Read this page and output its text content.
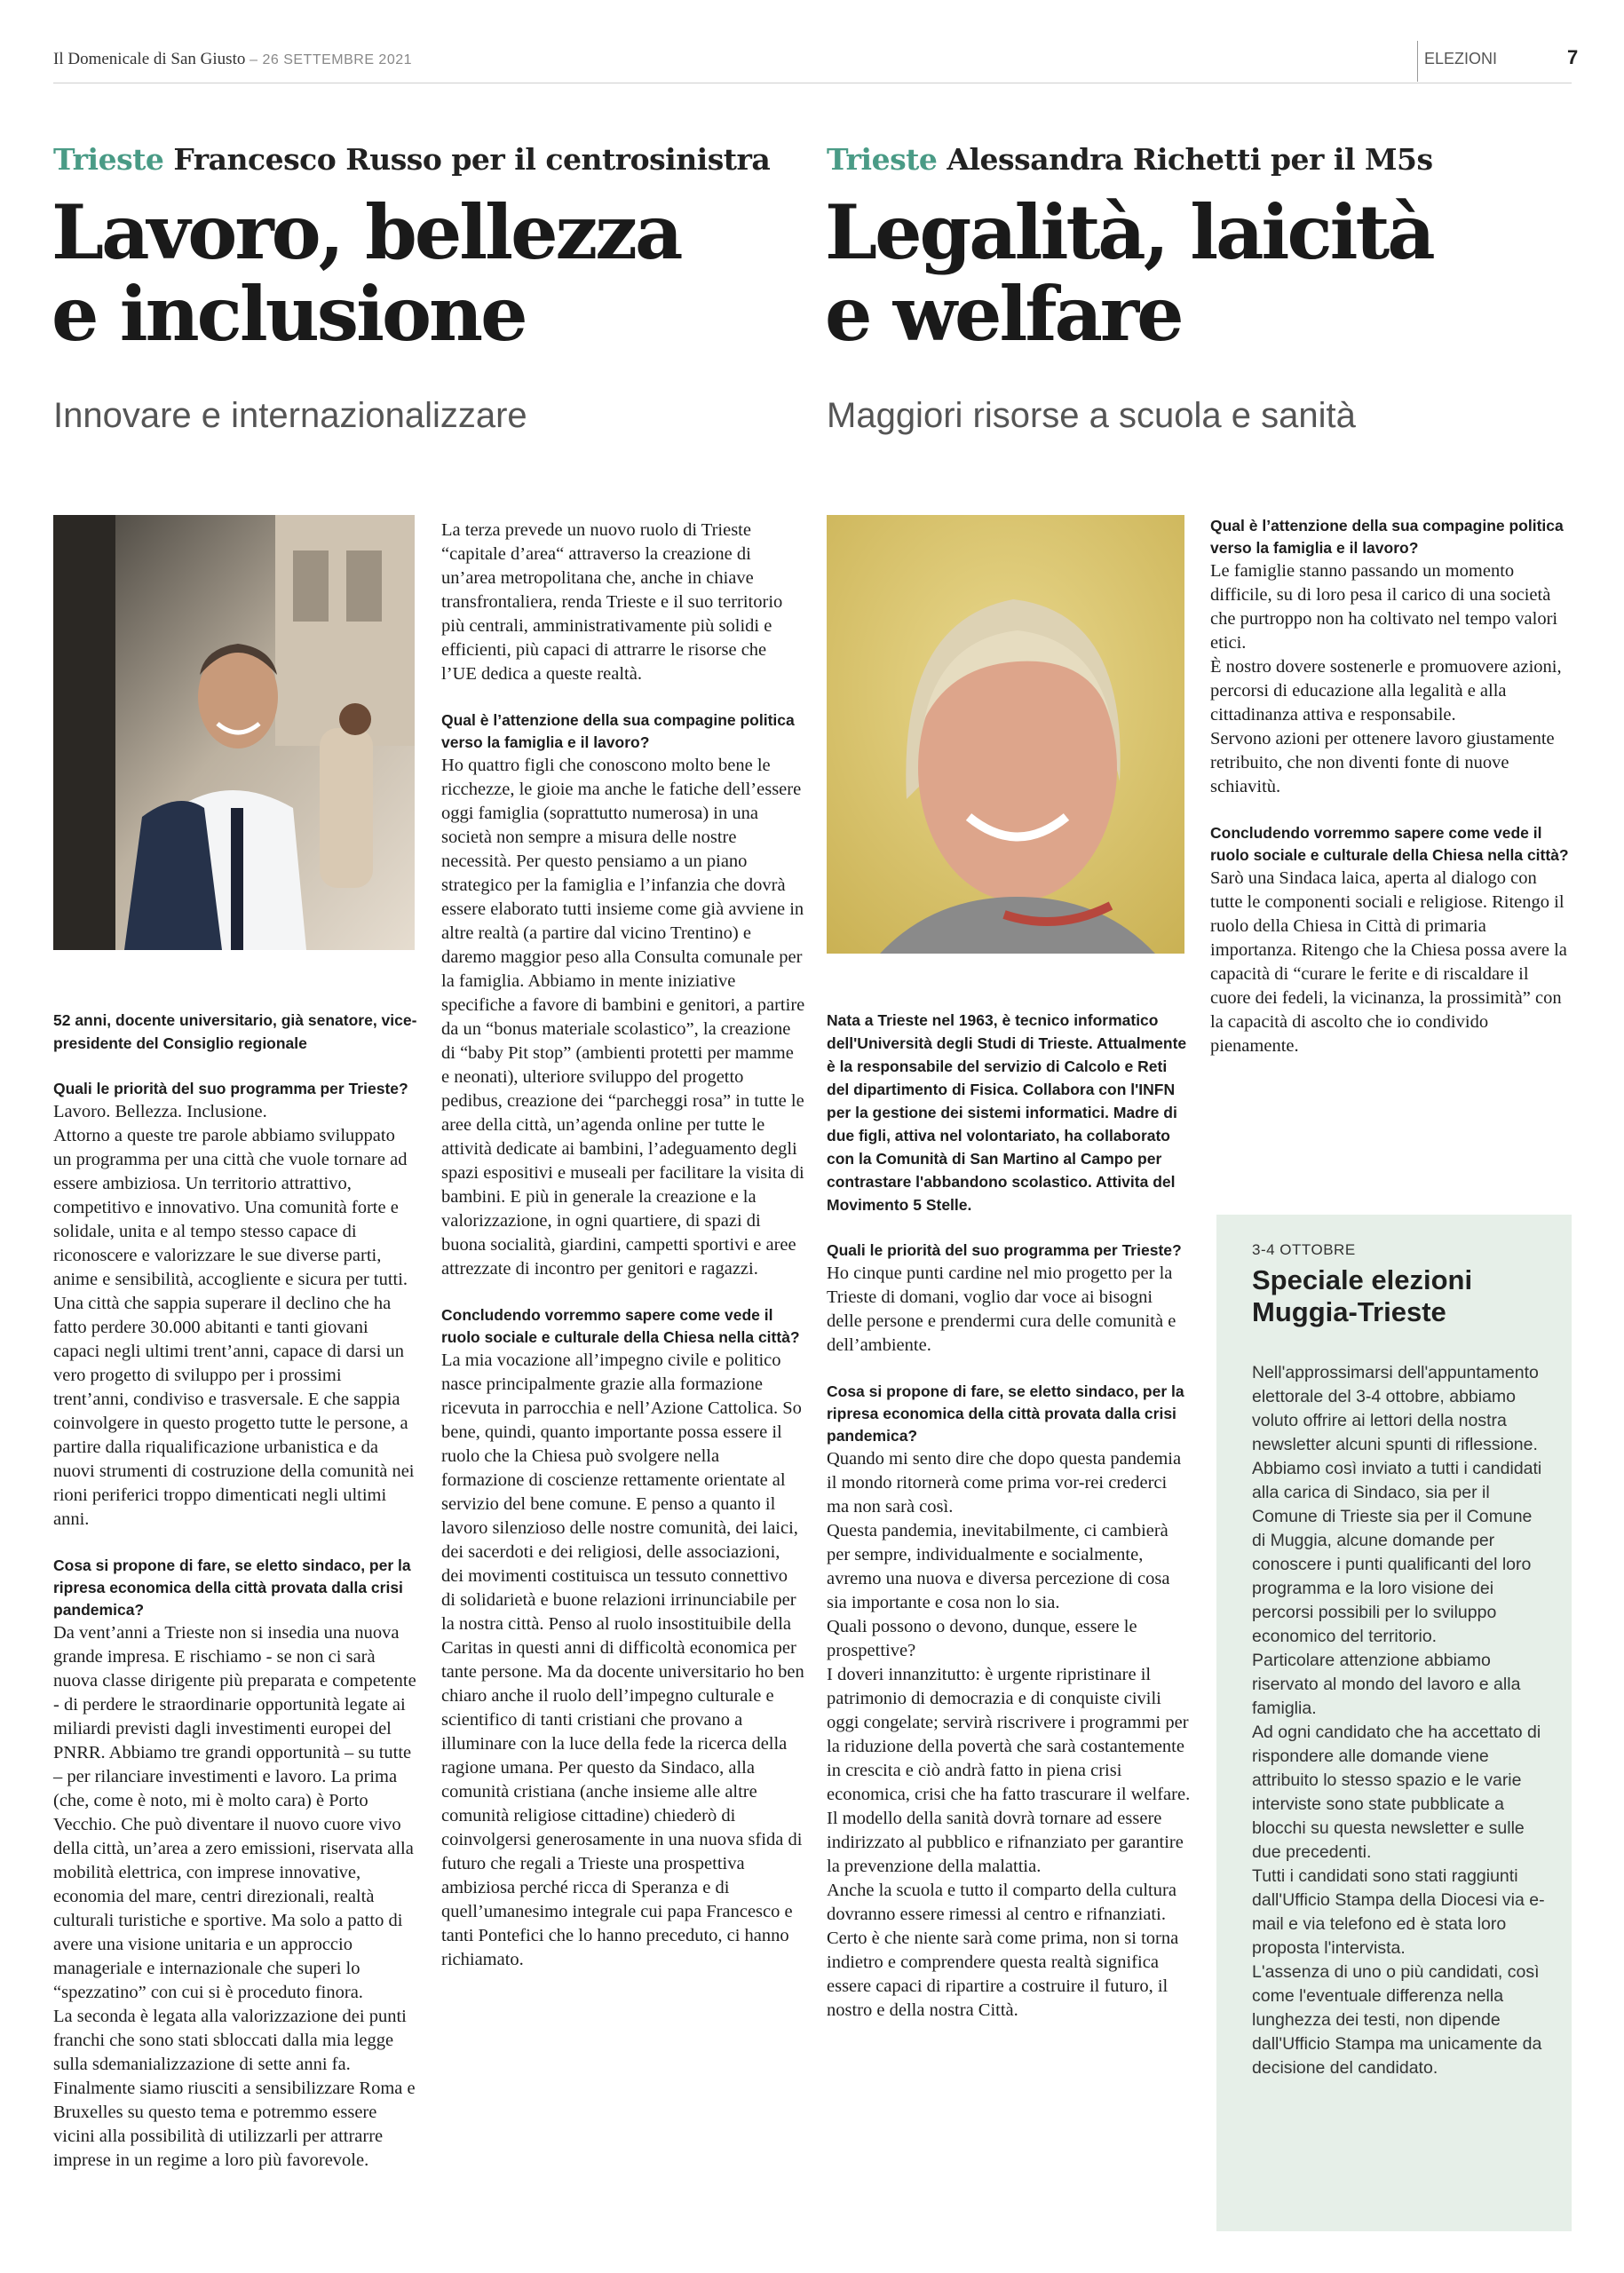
Il Domenicale di San Giusto – 26 SETTEMBRE 2021	ELEZIONI	7
Trieste Francesco Russo per il centrosinistra
Lavoro, bellezza
e inclusione
Innovare e internazionalizzare
Trieste Alessandra Richetti per il M5s
Legalità, laicità
e welfare
Maggiori risorse a scuola e sanità
52 anni, docente universitario, già senatore, vice-presidente del Consiglio regionale
Quali le priorità del suo programma per Trieste?

Lavoro. Bellezza. Inclusione.

Attorno a queste tre parole abbiamo sviluppato un programma per una città che vuole tornare ad essere ambiziosa. Un territorio attrattivo, competitivo e innovativo. Una comunità forte e solidale, unita e al tempo stesso capace di riconoscere e valorizzare le sue diverse parti, anime e sensibilità, accogliente e sicura per tutti. Una città che sappia superare il declino che ha fatto perdere 30.000 abitanti e tanti giovani capaci negli ultimi trent’anni, capace di darsi un vero progetto di sviluppo per i prossimi trent’anni, condiviso e trasversale. E che sappia coinvolgere in questo progetto tutte le persone, a partire dalla riqualificazione urbanistica e da nuovi strumenti di costruzione della comunità nei rioni periferici troppo dimenticati negli ultimi anni.

Cosa si propone di fare, se eletto sindaco, per la ripresa economica della città provata dalla crisi pandemica?

Da vent’anni a Trieste non si insedia una nuova grande impresa. E rischiamo - se non ci sarà nuova classe dirigente più preparata e competente - di perdere le straordinarie opportunità legate ai miliardi previsti dagli investimenti europei del PNRR. Abbiamo tre grandi opportunità – su tutte – per rilanciare investimenti e lavoro. La prima (che, come è noto, mi è molto cara) è Porto Vecchio. Che può diventare il nuovo cuore vivo della città, un’area a zero emissioni, riservata alla mobilità elettrica, con imprese innovative, economia del mare, centri direzionali, realtà culturali turistiche e sportive. Ma solo a patto di avere una visione unitaria e un approccio manageriale e internazionale che superi lo “spezzatino” con cui si è proceduto finora.

La seconda è legata alla valorizzazione dei punti franchi che sono stati sbloccati dalla mia legge sulla sdemanializzazione di sette anni fa. Finalmente siamo riusciti a sensibilizzare Roma e Bruxelles su questo tema e potremmo essere vicini alla possibilità di utilizzarli per attrarre imprese in un regime a loro più favorevole.

La terza prevede un nuovo ruolo di Trieste “capitale d’area“ attraverso la creazione di un’area metropolitana che, anche in chiave transfrontaliera, renda Trieste e il suo territorio più centrali, amministrativamente più solidi e efficienti, più capaci di attrarre le risorse che l’UE dedica a queste realtà.

Qual è l’attenzione della sua compagine politica verso la famiglia e il lavoro?

Ho quattro figli che conoscono molto bene le ricchezze, le gioie ma anche le fatiche dell’essere oggi famiglia (soprattutto numerosa) in una società non sempre a misura delle nostre necessità. Per questo pensiamo a un piano strategico per la famiglia e l’infanzia che dovrà essere elaborato tutti insieme come già avviene in altre realtà (a partire dal vicino Trentino) e daremo maggior peso alla Consulta comunale per la famiglia. Abbiamo in mente iniziative specifiche a favore di bambini e genitori, a partire da un “bonus materiale scolastico”, la creazione di “baby Pit stop” (ambienti protetti per mamme e neonati), ulteriore sviluppo del progetto pedibus, creazione dei “parcheggi rosa” in tutte le aree della città, un’agenda online per tutte le attività dedicate ai bambini, l’adeguamento degli spazi espositivi e museali per facilitare la visita di bambini. E più in generale la creazione e la valorizzazione, in ogni quartiere, di spazi di buona socialità, giardini, campetti sportivi e aree attrezzate di incontro per genitori e ragazzi.

Concludendo vorremmo sapere come vede il ruolo sociale e culturale della Chiesa nella città?

La mia vocazione all’impegno civile e politico nasce principalmente grazie alla formazione ricevuta in parrocchia e nell’Azione Cattolica. So bene, quindi, quanto importante possa essere il ruolo che la Chiesa può svolgere nella formazione di coscienze rettamente orientate al servizio del bene comune. E penso a quanto il lavoro silenzioso delle nostre comunità, dei laici, dei sacerdoti e dei religiosi, delle associazioni, dei movimenti costituisca un tessuto connettivo di solidarietà e buone relazioni irrinunciabile per la nostra città. Penso al ruolo insostituibile della Caritas in questi anni di difficoltà economica per tante persone. Ma da docente universitario ho ben chiaro anche il ruolo dell’impegno culturale e scientifico di tanti cristiani che provano a illuminare con la luce della fede la ricerca della ragione umana. Per questo da Sindaco, alla comunità cristiana (anche insieme alle altre comunità religiose cittadine) chiederò di coinvolgersi generosamente in una nuova sfida di futuro che regali a Trieste una prospettiva ambiziosa perché ricca di Speranza e di quell’umanesimo integrale cui papa Francesco e tanti Pontefici che lo hanno preceduto, ci hanno richiamato.

Nata a Trieste nel 1963, è tecnico informatico dell'Università degli Studi di Trieste. Attualmente è la responsabile del servizio di Calcolo e Reti del dipartimento di Fisica. Collabora con l'INFN per la gestione dei sistemi informatici. Madre di due figli, attiva nel volontariato, ha collaborato con la Comunità di San Martino al Campo per contrastare l'abbandono scolastico. Attivita del Movimento 5 Stelle.
Quali le priorità del suo programma per Trieste?

Ho cinque punti cardine nel mio progetto per la Trieste di domani, voglio dar voce ai bisogni delle persone e prendermi cura delle comunità e dell’ambiente.

Cosa si propone di fare, se eletto sindaco, per la ripresa economica della città provata dalla crisi pandemica?

Quando mi sento dire che dopo questa pandemia il mondo ritornerà come prima vor-rei crederci ma non sarà così.

Questa pandemia, inevitabilmente, ci cambierà per sempre, individualmente e socialmente, avremo una nuova e diversa percezione di cosa sia importante e cosa non lo sia.

Quali possono o devono, dunque, essere le prospettive?

I doveri innanzitutto: è urgente ripristinare il patrimonio di democrazia e di conquiste civili oggi congelate; servirà riscrivere i programmi per la riduzione della povertà che sarà costantemente in crescita e ciò andrà fatto in piena crisi economica, crisi che ha fatto trascurare il welfare.

Il modello della sanità dovrà tornare ad essere indirizzato al pubblico e rifnanziato per garantire la prevenzione della malattia.

Anche la scuola e tutto il comparto della cultura dovranno essere rimessi al centro e rifnanziati.

Certo è che niente sarà come prima, non si torna indietro e comprendere questa realtà significa essere capaci di ripartire a costruire il futuro, il nostro e della nostra Città.

Qual è l’attenzione della sua compagine politica verso la famiglia e il lavoro?

Le famiglie stanno passando un momento difficile, su di loro pesa il carico di una società che purtroppo non ha coltivato nel tempo valori etici.

È nostro dovere sostenerle e promuovere azioni, percorsi di educazione alla legalità e alla cittadinanza attiva e responsabile.

Servono azioni per ottenere lavoro giustamente retribuito, che non diventi fonte di nuove schiavitù.

Concludendo vorremmo sapere come vede il ruolo sociale e culturale della Chiesa nella città?

Sarò una Sindaca laica, aperta al dialogo con tutte le componenti sociali e religiose. Ritengo il ruolo della Chiesa in Città di primaria importanza. Ritengo che la Chiesa possa avere la capacità di “curare le ferite e di riscaldare il cuore dei fedeli, la vicinanza, la prossimità” con la capacità di ascolto che io condivido pienamente.

3-4 OTTOBRE
Speciale elezioni
Muggia-Trieste

Nell'approssimarsi dell'appuntamento elettorale del 3-4 ottobre, abbiamo voluto offrire ai lettori della nostra newsletter alcuni spunti di riflessione.

Abbiamo così inviato a tutti i candidati alla carica di Sindaco, sia per il Comune di Trieste sia per il Comune di Muggia, alcune domande per conoscere i punti qualificanti del loro programma e la loro visione dei percorsi possibili per lo sviluppo economico del territorio.

Particolare attenzione abbiamo riservato al mondo del lavoro e alla famiglia.

Ad ogni candidato che ha accettato di rispondere alle domande viene attribuito lo stesso spazio e le varie interviste sono state pubblicate a blocchi su questa newsletter e sulle due precedenti.

Tutti i candidati sono stati raggiunti dall'Ufficio Stampa della Diocesi via e-mail e via telefono ed è stata loro proposta l'intervista.

L'assenza di uno o più candidati, così come l'eventuale differenza nella lunghezza dei testi, non dipende dall'Ufficio Stampa ma unicamente da decisione del candidato.
